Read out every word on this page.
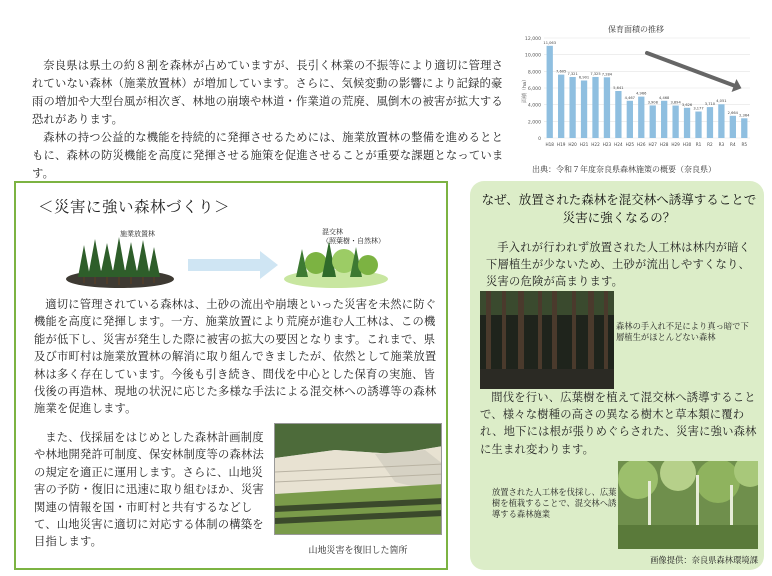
奈良県は県土の約８割を森林が占めていますが、長引く林業の不振等により適切に管理されていない森林（施業放置林）が増加しています。さらに、気候変動の影響により記録的豪雨の増加や大型台風が相次ぎ、林地の崩壊や林道・作業道の荒廃、風倒木の被害が拡大する恐れがあります。

森林の持つ公益的な機能を持続的に発揮させるためには、施業放置林の整備を進めるとともに、森林の防災機能を高度に発揮させる施策を促進させることが重要な課題となっています。

保育面積の推移
0
2,000
4,000
6,000
8,000
10,000
12,000
面積（ha）
11,063
H18
7,605
H19
7,321
H20
6,901
H21
7,325
H22
7,284
H23
5,641
H24
4,467
H25
4,966
H26
3,908
H27
4,468
H28
3,894
H29
3,626
H30
3,177
R1
3,710
R2
4,051
R3
2,664
R4
2,364
R5
出典：令和７年度奈良県森林施策の概要（奈良県）
＜災害に強い森林づくり＞
施業放置林	混交林
（照葉樹・自然林）

適切に管理されている森林は、土砂の流出や崩壊といった災害を未然に防ぐ機能を高度に発揮します。一方、施業放置により荒廃が進む人工林は、この機能が低下し、災害が発生した際に被害の拡大の要因となります。これまで、県及び市町村は施業放置林の解消に取り組んできましたが、依然として施業放置林は多く存在しています。今後も引き続き、間伐を中心とした保育の実施、皆伐後の再造林、現地の状況に応じた多様な手法による混交林への誘導等の森林施業を促進します。

また、伐採届をはじめとした森林計画制度や林地開発許可制度、保安林制度等の森林法の規定を適正に運用します。さらに、山地災害の予防・復旧に迅速に取り組むほか、災害関連の情報を国・市町村と共有するなどして、山地災害に適切に対応する体制の構築を目指します。

山地災害を復旧した箇所
なぜ、放置された森林を混交林へ誘導することで災害に強くなるの？

手入れが行われず放置された人工林は林内が暗く下層植生が少ないため、土砂が流出しやすくなり、災害の危険が高まります。

森林の手入れ不足により真っ暗で下層植生がほとんどない森林

間伐を行い、広葉樹を植えて混交林へ誘導することで、様々な樹種の高さの異なる樹木と草本類に覆われ、地下には根が張りめぐらされた、災害に強い森林に生まれ変わります。

放置された人工林を伐採し、広葉樹を植栽することで、混交林へ誘導する森林施業
画像提供：奈良県森林環境課
